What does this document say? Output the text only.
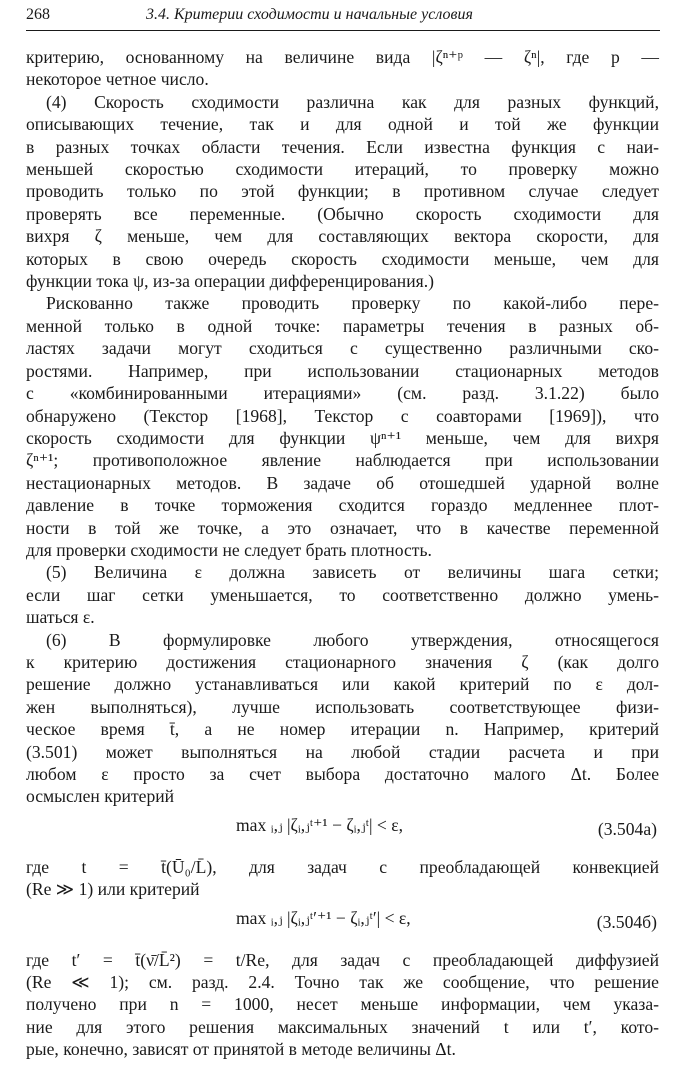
268	3.4. Критерии сходимости и начальные условия

критерию, основанному на величине вида |ζⁿ⁺ᵖ — ζⁿ|, где p —

некоторое четное число.

(4) Скорость сходимости различна как для разных функций,

описывающих течение, так и для одной и той же функции

в разных точках области течения. Если известна функция с наи-

меньшей скоростью сходимости итераций, то проверку можно

проводить только по этой функции; в противном случае следует

проверять все переменные. (Обычно скорость сходимости для

вихря ζ меньше, чем для составляющих вектора скорости, для

которых в свою очередь скорость сходимости меньше, чем для

функции тока ψ, из-за операции дифференцирования.)

Рискованно также проводить проверку по какой-либо пере-

менной только в одной точке: параметры течения в разных об-

ластях задачи могут сходиться с существенно различными ско-

ростями. Например, при использовании стационарных методов

с «комбинированными итерациями» (см. разд. 3.1.22) было

обнаружено (Текстор [1968], Текстор с соавторами [1969]), что

скорость сходимости для функции ψⁿ⁺¹ меньше, чем для вихря

ζⁿ⁺¹; противоположное явление наблюдается при использовании

нестационарных методов. В задаче об отошедшей ударной волне

давление в точке торможения сходится гораздо медленнее плот-

ности в той же точке, а это означает, что в качестве переменной

для проверки сходимости не следует брать плотность.

(5) Величина ε должна зависеть от величины шага сетки;

если шаг сетки уменьшается, то соответственно должно умень-

шаться ε.

(6) В формулировке любого утверждения, относящегося

к критерию достижения стационарного значения ζ (как долго

решение должно устанавливаться или какой критерий по ε дол-

жен выполняться), лучше использовать соответствующее физи-

ческое время t̄, а не номер итерации n. Например, критерий

(3.501) может выполняться на любой стадии расчета и при

любом ε просто за счет выбора достаточно малого Δt. Более

осмыслен критерий

max ᵢ,ⱼ |ζᵢ,ⱼᵗ⁺¹ − ζᵢ,ⱼᵗ| < ε,	(3.504а)

где t = t̄(Ū₀/L̄), для задач с преобладающей конвекцией

(Re ≫ 1) или критерий

max ᵢ,ⱼ |ζᵢ,ⱼᵗ′⁺¹ − ζᵢ,ⱼᵗ′| < ε,	(3.504б)

где t′ = t̄(ν̄/L̄²) = t/Re, для задач с преобладающей диффузией

(Re ≪ 1); см. разд. 2.4. Точно так же сообщение, что решение

получено при n = 1000, несет меньше информации, чем указа-

ние для этого решения максимальных значений t или t′, кото-

рые, конечно, зависят от принятой в методе величины Δt.
